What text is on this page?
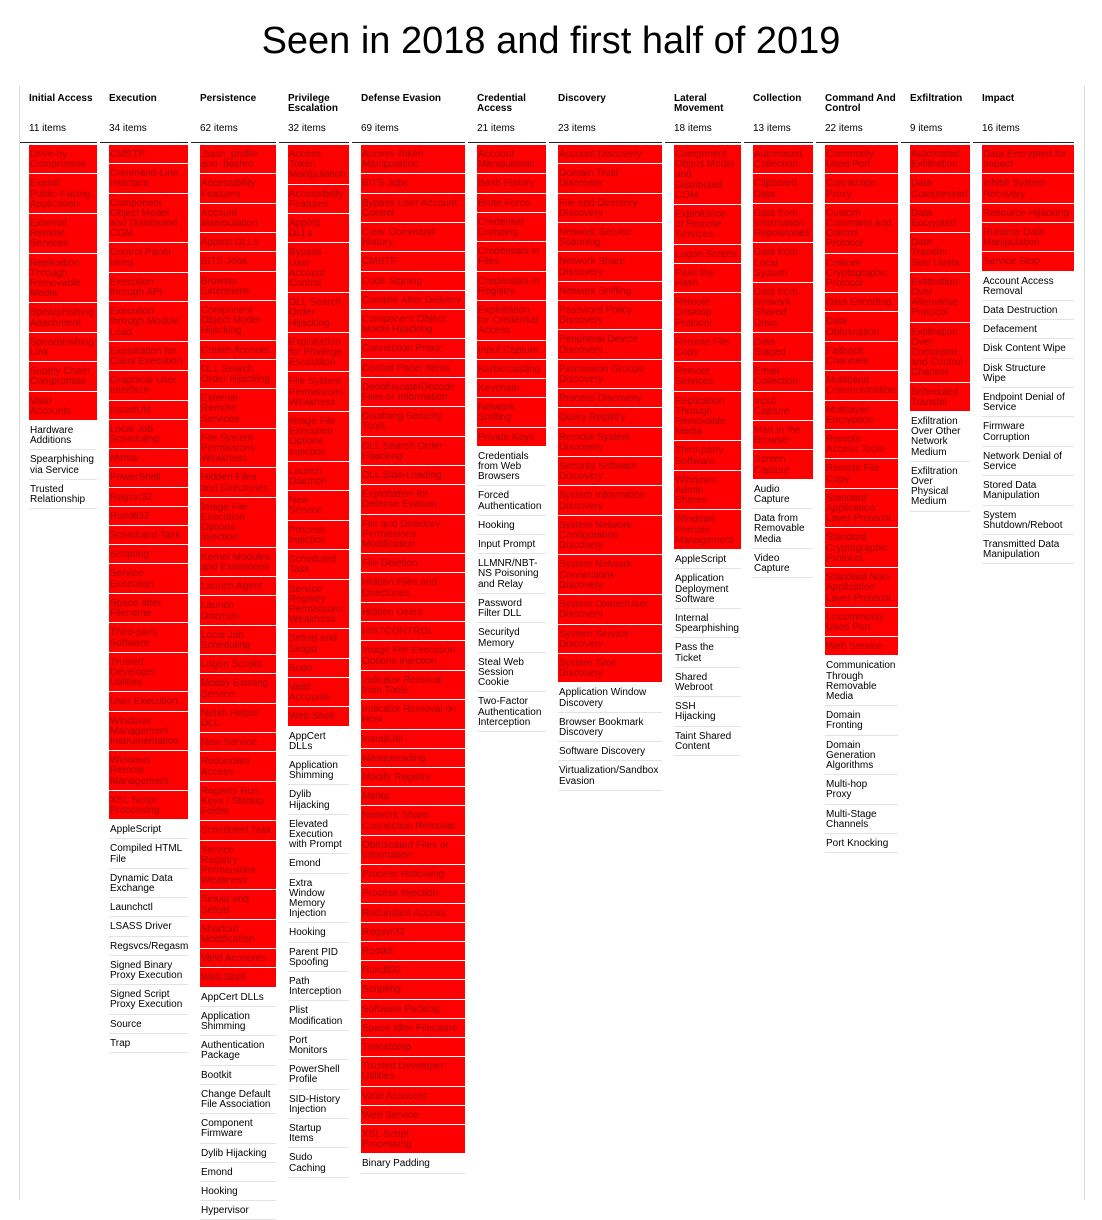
Seen in 2018 and first half of 2019
Initial Access
11 items
Drive-by Compromise
Exploit Public-Facing Application
External Remote Services
Replication Through Removable Media
Spearphishing Attachment
Spearphishing Link
Supply Chain Compromise
Valid Accounts
Hardware Additions
Spearphishing via Service
Trusted Relationship
Execution
34 items
CMSTP
Command-Line Interface
Component Object Model and Distributed COM
Control Panel Items
Execution through API
Execution through Module Load
Exploitation for Client Execution
Graphical User Interface
InstallUtil
Local Job Scheduling
Mshta
PowerShell
Regsvr32
Rundll32
Scheduled Task
Scripting
Service Execution
Space after Filename
Third-party Software
Trusted Developer Utilities
User Execution
Windows Management Instrumentation
Windows Remote Management
XSL Script Processing
AppleScript
Compiled HTML File
Dynamic Data Exchange
Launchctl
LSASS Driver
Regsvcs/Regasm
Signed Binary Proxy Execution
Signed Script Proxy Execution
Source
Trap
Persistence
62 items
.bash_profile and .bashrc
Accessibility Features
Account Manipulation
AppInit DLLs
BITS Jobs
Browser Extensions
Component Object Model Hijacking
Create Account
DLL Search Order Hijacking
External Remote Services
File System Permissions Weakness
Hidden Files and Directories
Image File Execution Options Injection
Kernel Modules and Extensions
Launch Agent
Launch Daemon
Local Job Scheduling
Logon Scripts
Modify Existing Service
Netsh Helper DLL
New Service
Redundant Access
Registry Run Keys / Startup Folder
Scheduled Task
Service Registry Permissions Weakness
Setuid and Setgid
Shortcut Modification
Valid Accounts
Web Shell
AppCert DLLs
Application Shimming
Authentication Package
Bootkit
Change Default File Association
Component Firmware
Dylib Hijacking
Emond
Hooking
Hypervisor
Privilege Escalation
32 items
Access Token Manipulation
Accessibility Features
AppInit DLLs
Bypass User Account Control
DLL Search Order Hijacking
Exploitation for Privilege Escalation
File System Permissions Weakness
Image File Execution Options Injection
Launch Daemon
New Service
Process Injection
Scheduled Task
Service Registry Permissions Weakness
Setuid and Setgid
Sudo
Valid Accounts
Web Shell
AppCert DLLs
Application Shimming
Dylib Hijacking
Elevated Execution with Prompt
Emond
Extra Window Memory Injection
Hooking
Parent PID Spoofing
Path Interception
Plist Modification
Port Monitors
PowerShell Profile
SID-History Injection
Startup Items
Sudo Caching
Defense Evasion
69 items
Access Token Manipulation
BITS Jobs
Bypass User Account Control
Clear Command History
CMSTP
Code Signing
Compile After Delivery
Component Object Model Hijacking
Connection Proxy
Control Panel Items
Deobfuscate/Decode Files or Information
Disabling Security Tools
DLL Search Order Hijacking
DLL Side-Loading
Exploitation for Defense Evasion
File and Directory Permissions Modification
File Deletion
Hidden Files and Directories
Hidden Users
HISTCONTROL
Image File Execution Options Injection
Indicator Removal from Tools
Indicator Removal on Host
InstallUtil
Masquerading
Modify Registry
Mshta
Network Share Connection Removal
Obfuscated Files or Information
Process Hollowing
Process Injection
Redundant Access
Regsvr32
Rootkit
Rundll32
Scripting
Software Packing
Space after Filename
Timestomp
Trusted Developer Utilities
Valid Accounts
Web Service
XSL Script Processing
Binary Padding
Credential Access
21 items
Account Manipulation
Bash History
Brute Force
Credential Dumping
Credentials in Files
Credentials in Registry
Exploitation for Credential Access
Input Capture
Kerberoasting
Keychain
Network Sniffing
Private Keys
Credentials from Web Browsers
Forced Authentication
Hooking
Input Prompt
LLMNR/NBT-NS Poisoning and Relay
Password Filter DLL
Securityd Memory
Steal Web Session Cookie
Two-Factor Authentication Interception
Discovery
23 items
Account Discovery
Domain Trust Discovery
File and Directory Discovery
Network Service Scanning
Network Share Discovery
Network Sniffing
Password Policy Discovery
Peripheral Device Discovery
Permission Groups Discovery
Process Discovery
Query Registry
Remote System Discovery
Security Software Discovery
System Information Discovery
System Network Configuration Discovery
System Network Connections Discovery
System Owner/User Discovery
System Service Discovery
System Time Discovery
Application Window Discovery
Browser Bookmark Discovery
Software Discovery
Virtualization/Sandbox Evasion
Lateral Movement
18 items
Component Object Model and Distributed COM
Exploitation of Remote Services
Logon Scripts
Pass the Hash
Remote Desktop Protocol
Remote File Copy
Remote Services
Replication Through Removable Media
Third-party Software
Windows Admin Shares
Windows Remote Management
AppleScript
Application Deployment Software
Internal Spearphishing
Pass the Ticket
Shared Webroot
SSH Hijacking
Taint Shared Content
Collection
13 items
Automated Collection
Clipboard Data
Data from Information Repositories
Data from Local System
Data from Network Shared Drive
Data Staged
Email Collection
Input Capture
Man in the Browser
Screen Capture
Audio Capture
Data from Removable Media
Video Capture
Command And Control
22 items
Commonly Used Port
Connection Proxy
Custom Command and Control Protocol
Custom Cryptographic Protocol
Data Encoding
Data Obfuscation
Fallback Channels
Multiband Communication
Multilayer Encryption
Remote Access Tools
Remote File Copy
Standard Application Layer Protocol
Standard Cryptographic Protocol
Standard Non-Application Layer Protocol
Uncommonly Used Port
Web Service
Communication Through Removable Media
Domain Fronting
Domain Generation Algorithms
Multi-hop Proxy
Multi-Stage Channels
Port Knocking
Exfiltration
9 items
Automated Exfiltration
Data Compressed
Data Encrypted
Data Transfer Size Limits
Exfiltration Over Alternative Protocol
Exfiltration Over Command and Control Channel
Scheduled Transfer
Exfiltration Over Other Network Medium
Exfiltration Over Physical Medium
Impact
16 items
Data Encrypted for Impact
Inhibit System Recovery
Resource Hijacking
Runtime Data Manipulation
Service Stop
Account Access Removal
Data Destruction
Defacement
Disk Content Wipe
Disk Structure Wipe
Endpoint Denial of Service
Firmware Corruption
Network Denial of Service
Stored Data Manipulation
System Shutdown/Reboot
Transmitted Data Manipulation
